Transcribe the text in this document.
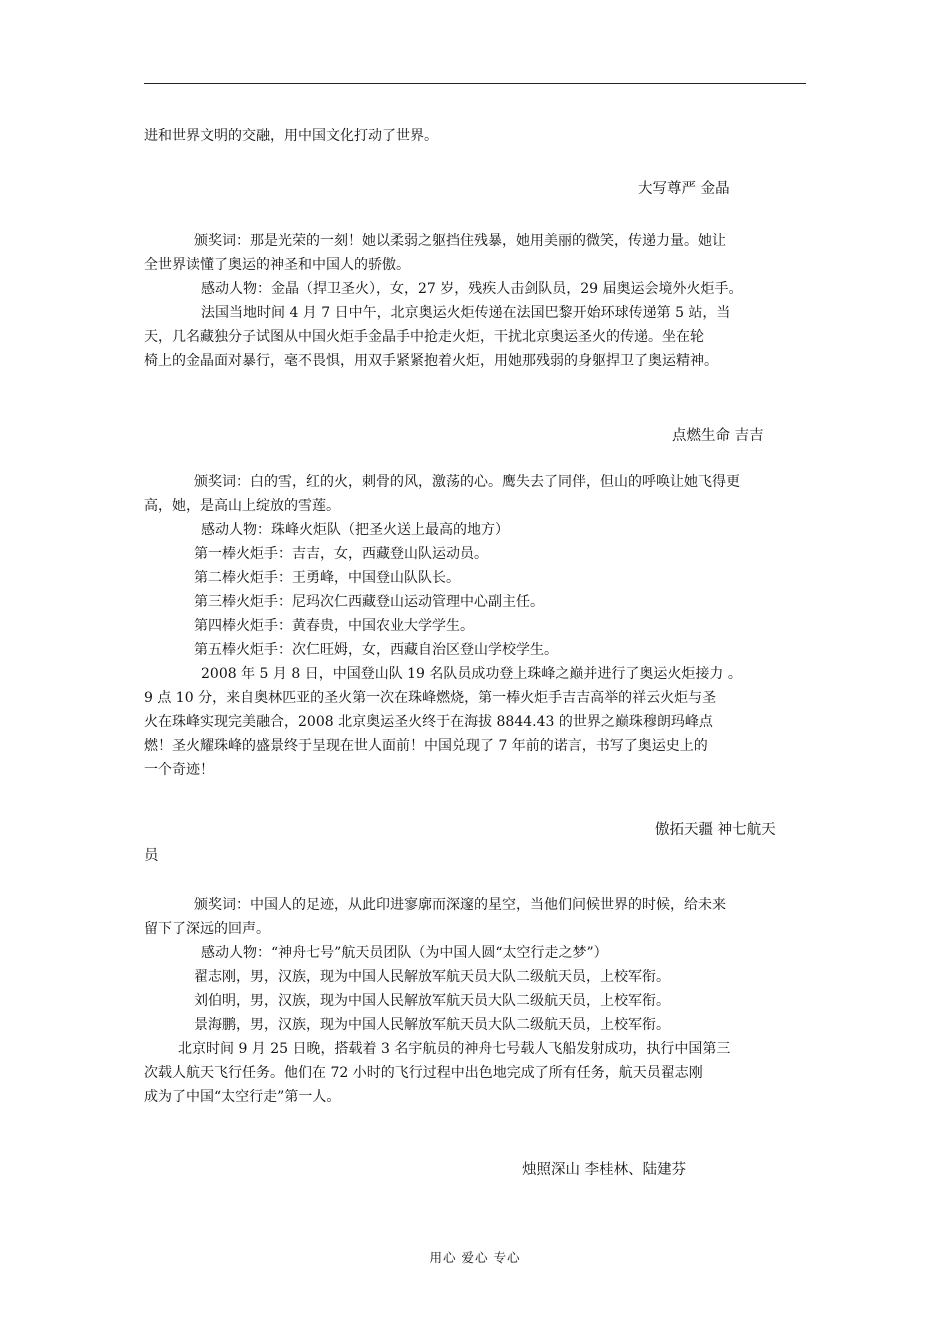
进和世界文明的交融，用中国文化打动了世界。
大写尊严 金晶
颁奖词：那是光荣的一刻！她以柔弱之躯挡住残暴，她用美丽的微笑，传递力量。她让
全世界读懂了奥运的神圣和中国人的骄傲。
感动人物：金晶（捍卫圣火），女，27 岁，残疾人击剑队员，29 届奥运会境外火炬手。
法国当地时间 4 月 7 日中午，北京奥运火炬传递在法国巴黎开始环球传递第 5 站，当
天，几名藏独分子试图从中国火炬手金晶手中抢走火炬，干扰北京奥运圣火的传递。坐在轮
椅上的金晶面对暴行，毫不畏惧，用双手紧紧抱着火炬，用她那残弱的身躯捍卫了奥运精神。
点燃生命 吉吉
颁奖词：白的雪，红的火，刺骨的风，激荡的心。鹰失去了同伴，但山的呼唤让她飞得更
高，她，是高山上绽放的雪莲。
感动人物：珠峰火炬队（把圣火送上最高的地方）
第一棒火炬手：吉吉，女，西藏登山队运动员。
第二棒火炬手：王勇峰，中国登山队队长。
第三棒火炬手：尼玛次仁西藏登山运动管理中心副主任。
第四棒火炬手：黄春贵，中国农业大学学生。
第五棒火炬手：次仁旺姆，女，西藏自治区登山学校学生。
2008 年 5 月 8 日，中国登山队 19 名队员成功登上珠峰之巅并进行了奥运火炬接力 。
9 点 10 分，来自奥林匹亚的圣火第一次在珠峰燃烧，第一棒火炬手吉吉高举的祥云火炬与圣
火在珠峰实现完美融合，2008 北京奥运圣火终于在海拔 8844.43 的世界之巅珠穆朗玛峰点
燃！圣火耀珠峰的盛景终于呈现在世人面前！中国兑现了 7 年前的诺言，书写了奥运史上的
一个奇迹！
傲拓天疆 神七航天
员
颁奖词：中国人的足迹，从此印进寥廓而深邃的星空，当他们问候世界的时候，给未来
留下了深远的回声。
感动人物：“神舟七号”航天员团队（为中国人圆“太空行走之梦”）
翟志刚，男，汉族，现为中国人民解放军航天员大队二级航天员，上校军衔。
刘伯明，男，汉族，现为中国人民解放军航天员大队二级航天员，上校军衔。
景海鹏，男，汉族，现为中国人民解放军航天员大队二级航天员，上校军衔。
北京时间 9 月 25 日晚，搭载着 3 名宇航员的神舟七号载人飞船发射成功，执行中国第三
次载人航天飞行任务。他们在 72 小时的飞行过程中出色地完成了所有任务，航天员翟志刚
成为了中国“太空行走”第一人。
烛照深山 李桂林、陆建芬
用心 爱心 专心
